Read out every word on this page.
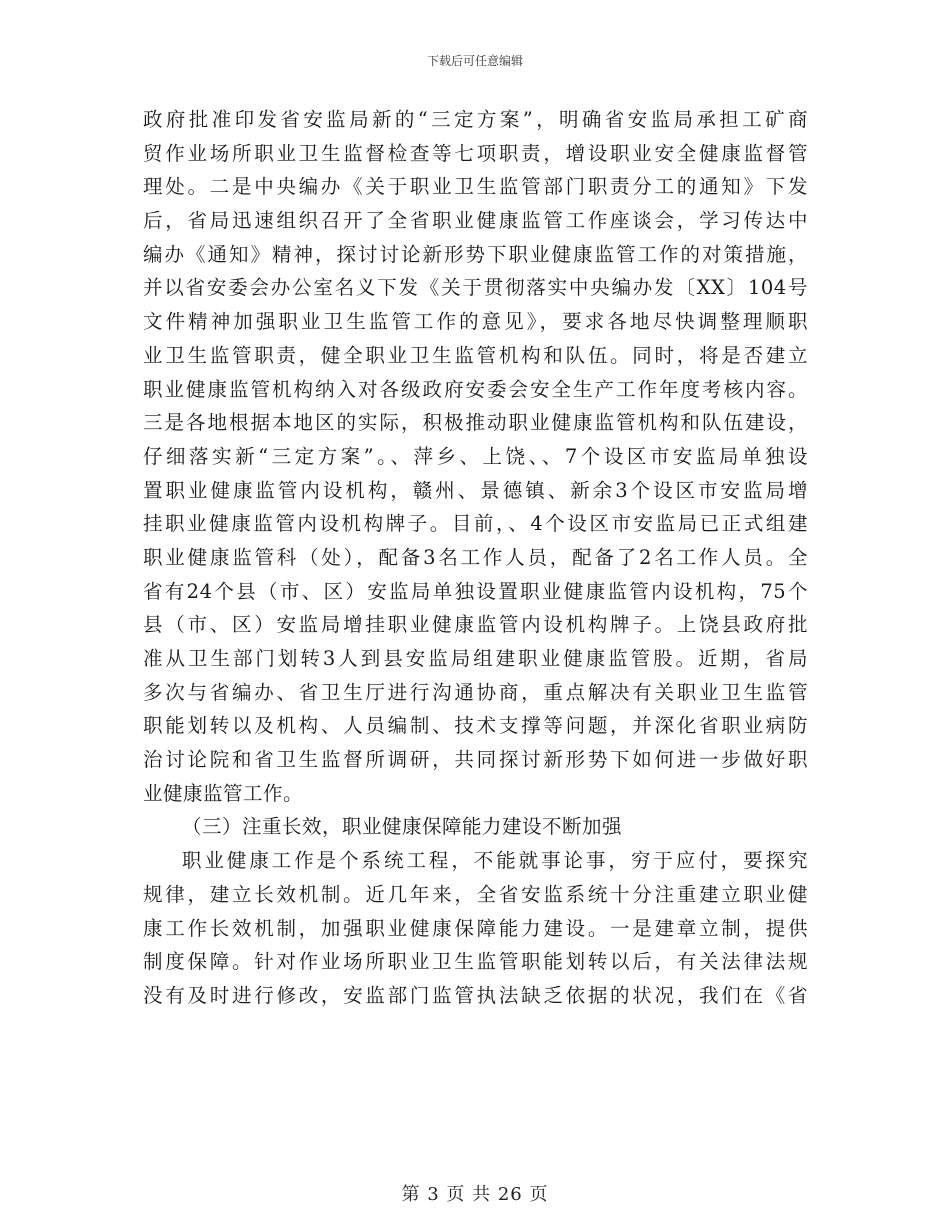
下载后可任意编辑
政府批准印发省安监局新的“三定方案”，明确省安监局承担工矿商
贸作业场所职业卫生监督检查等七项职责，增设职业安全健康监督管
理处。二是中央编办《关于职业卫生监管部门职责分工的通知》下发
后，省局迅速组织召开了全省职业健康监管工作座谈会，学习传达中
编办《通知》精神，探讨讨论新形势下职业健康监管工作的对策措施，
并以省安委会办公室名义下发《关于贯彻落实中央编办发〔XX〕104号
文件精神加强职业卫生监管工作的意见》，要求各地尽快调整理顺职
业卫生监管职责，健全职业卫生监管机构和队伍。同时，将是否建立
职业健康监管机构纳入对各级政府安委会安全生产工作年度考核内容。
三是各地根据本地区的实际，积极推动职业健康监管机构和队伍建设，
仔细落实新“三定方案”。、萍乡、上饶、、7个设区市安监局单独设
置职业健康监管内设机构，赣州、景德镇、新余3个设区市安监局增
挂职业健康监管内设机构牌子。目前，、4个设区市安监局已正式组建
职业健康监管科（处），配备3名工作人员，配备了2名工作人员。全
省有24个县（市、区）安监局单独设置职业健康监管内设机构，75个
县（市、区）安监局增挂职业健康监管内设机构牌子。上饶县政府批
准从卫生部门划转3人到县安监局组建职业健康监管股。近期，省局
多次与省编办、省卫生厅进行沟通协商，重点解决有关职业卫生监管
职能划转以及机构、人员编制、技术支撑等问题，并深化省职业病防
治讨论院和省卫生监督所调研，共同探讨新形势下如何进一步做好职
业健康监管工作。
（三）注重长效，职业健康保障能力建设不断加强
职业健康工作是个系统工程，不能就事论事，穷于应付，要探究
规律，建立长效机制。近几年来，全省安监系统十分注重建立职业健
康工作长效机制，加强职业健康保障能力建设。一是建章立制，提供
制度保障。针对作业场所职业卫生监管职能划转以后，有关法律法规
没有及时进行修改，安监部门监管执法缺乏依据的状况，我们在《省
第 3 页 共 26 页
